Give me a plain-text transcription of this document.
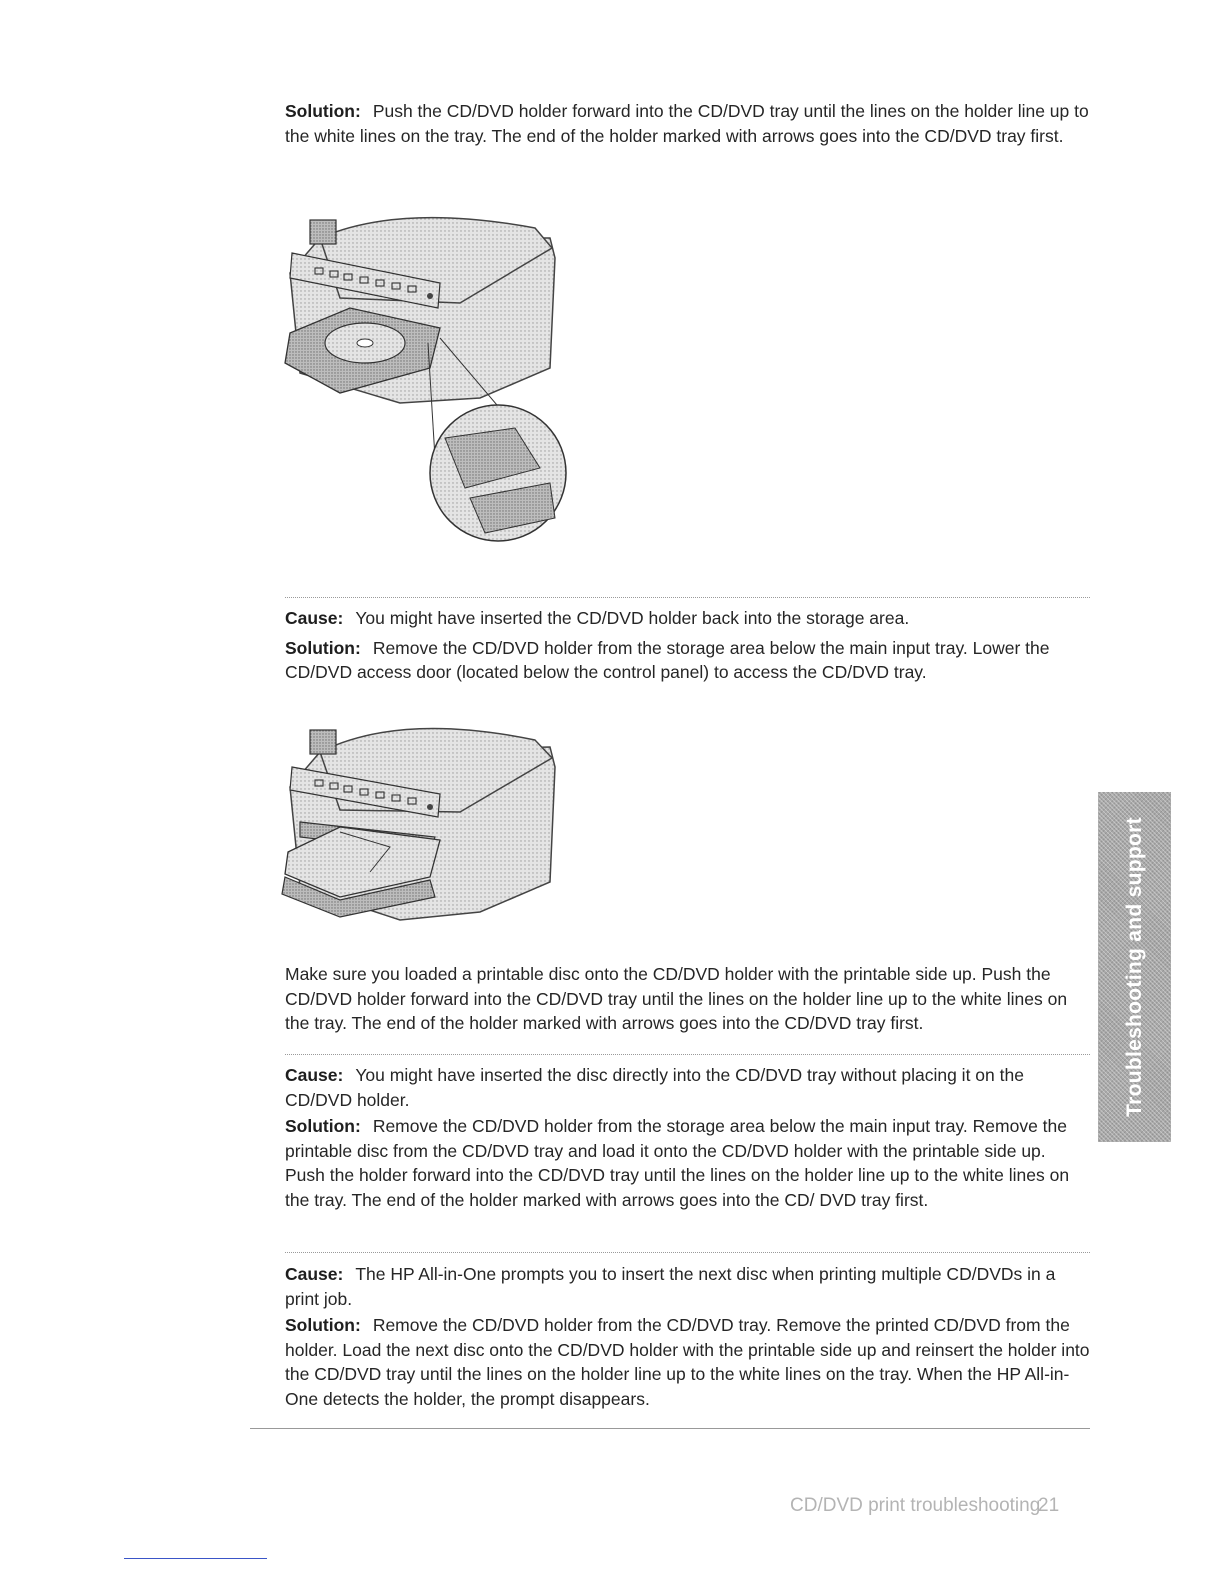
Solution: Push the CD/DVD holder forward into the CD/DVD tray until the lines on the holder line up to the white lines on the tray. The end of the holder marked with arrows goes into the CD/DVD tray first.

Cause: You might have inserted the CD/DVD holder back into the storage area.

Solution: Remove the CD/DVD holder from the storage area below the main input tray. Lower the CD/DVD access door (located below the control panel) to access the CD/DVD tray.

Make sure you loaded a printable disc onto the CD/DVD holder with the printable side up. Push the CD/DVD holder forward into the CD/DVD tray until the lines on the holder line up to the white lines on the tray. The end of the holder marked with arrows goes into the CD/DVD tray first.

Cause: You might have inserted the disc directly into the CD/DVD tray without placing it on the CD/DVD holder.

Solution: Remove the CD/DVD holder from the storage area below the main input tray. Remove the printable disc from the CD/DVD tray and load it onto the CD/DVD holder with the printable side up. Push the holder forward into the CD/DVD tray until the lines on the holder line up to the white lines on the tray. The end of the holder marked with arrows goes into the CD/ DVD tray first.

Cause: The HP All-in-One prompts you to insert the next disc when printing multiple CD/DVDs in a print job.

Solution: Remove the CD/DVD holder from the CD/DVD tray. Remove the printed CD/DVD from the holder. Load the next disc onto the CD/DVD holder with the printable side up and reinsert the holder into the CD/DVD tray until the lines on the holder line up to the white lines on the tray. When the HP All-in-One detects the holder, the prompt disappears.

Troubleshooting and support
CD/DVD print troubleshooting
21
